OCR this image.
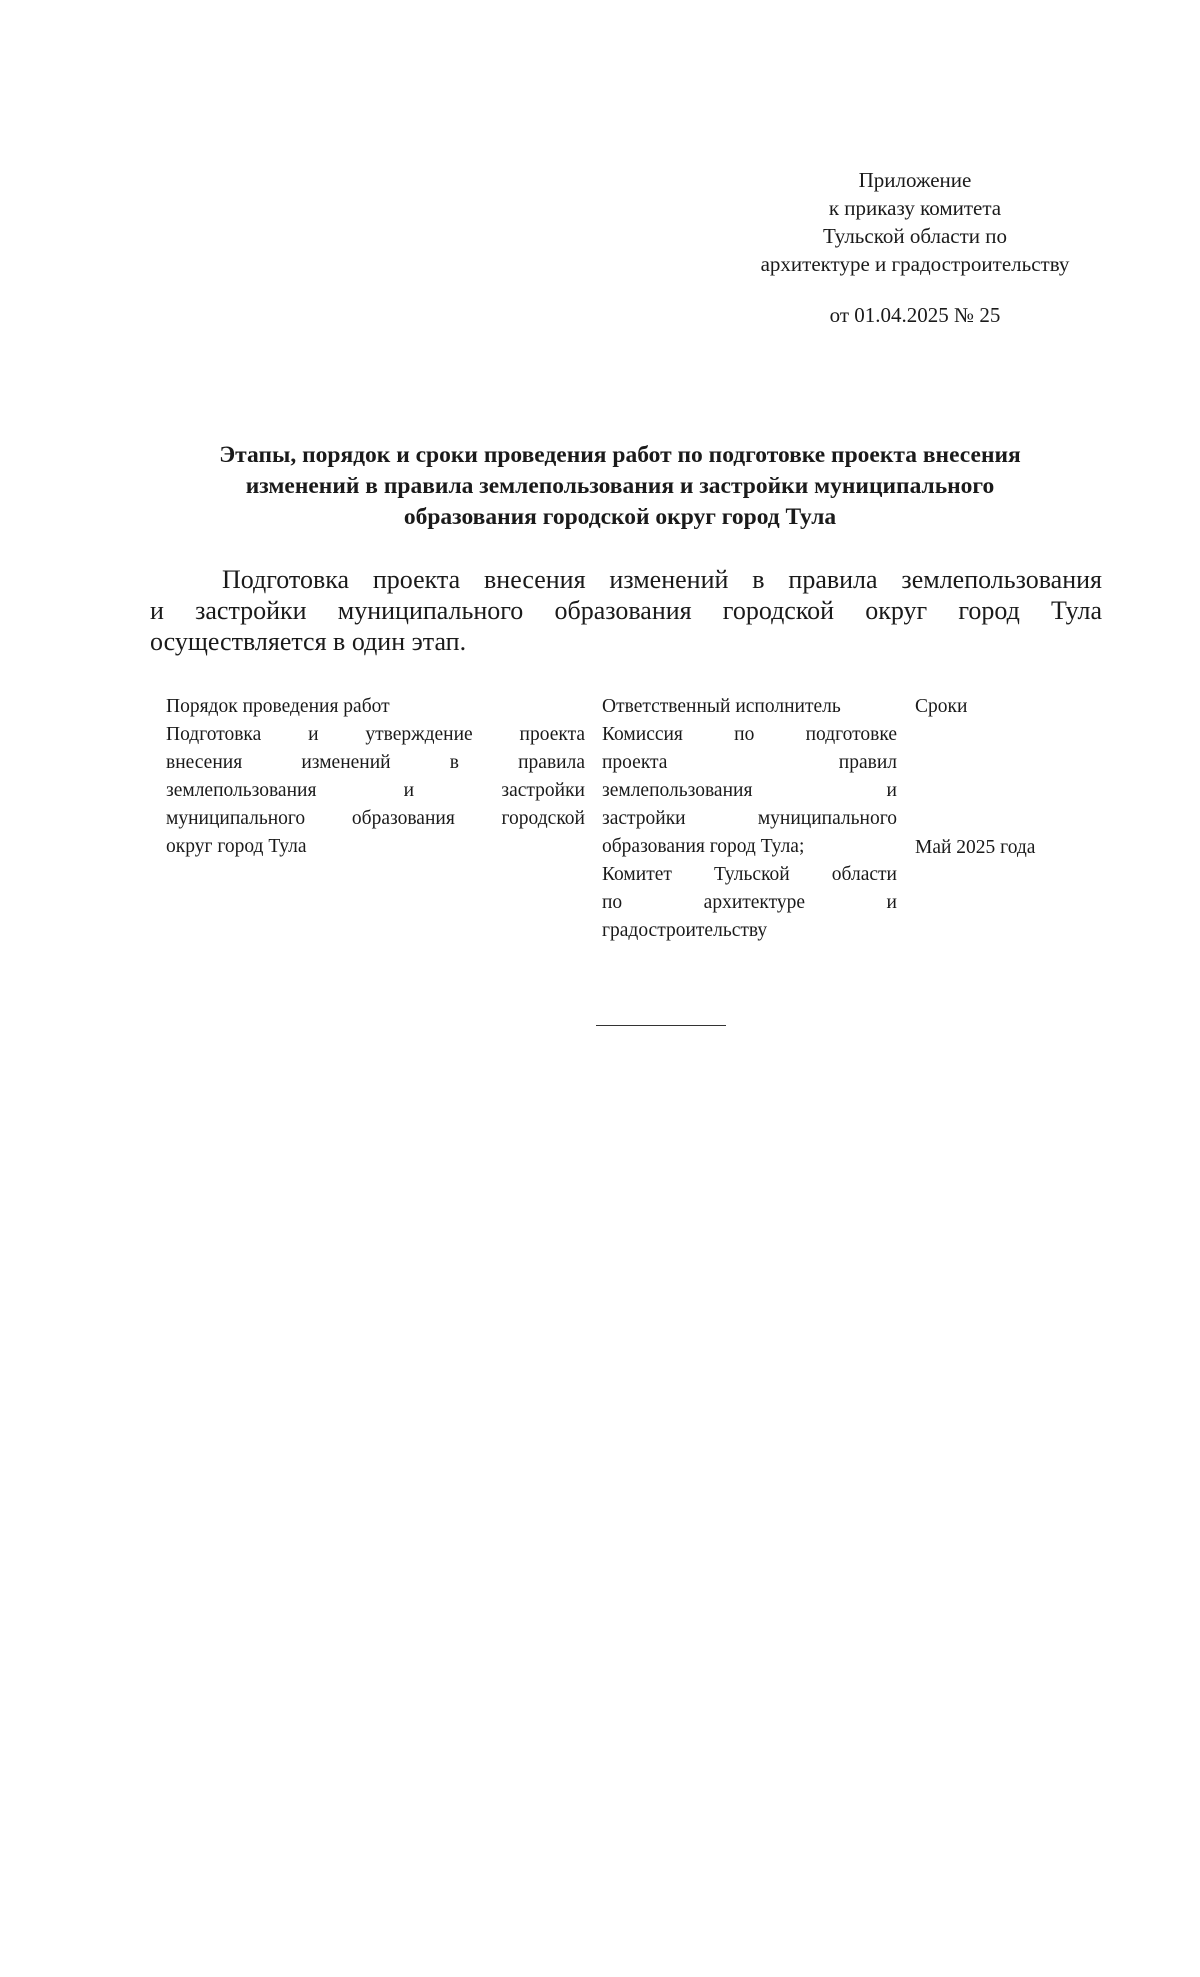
Приложение
к приказу комитета
Тульской области по
архитектуре и градостроительству
от 01.04.2025 № 25
Этапы, порядок и сроки проведения работ по подготовке проекта внесения
изменений в правила землепользования и застройки муниципального
образования городской округ город Тула
Подготовка проекта внесения изменений в правила землепользования
и застройки муниципального образования городской округ город Тула
осуществляется в один этап.
Порядок проведения работ	Ответственный исполнитель	Сроки
Подготовка и утверждение проекта
внесения изменений в правила
землепользования и застройки
муниципального образования городской
округ город Тула
Комиссия по подготовке
проекта правил
землепользования и
застройки муниципального
образования город Тула;
Комитет Тульской области
по архитектуре и
градостроительству
Май 2025 года
